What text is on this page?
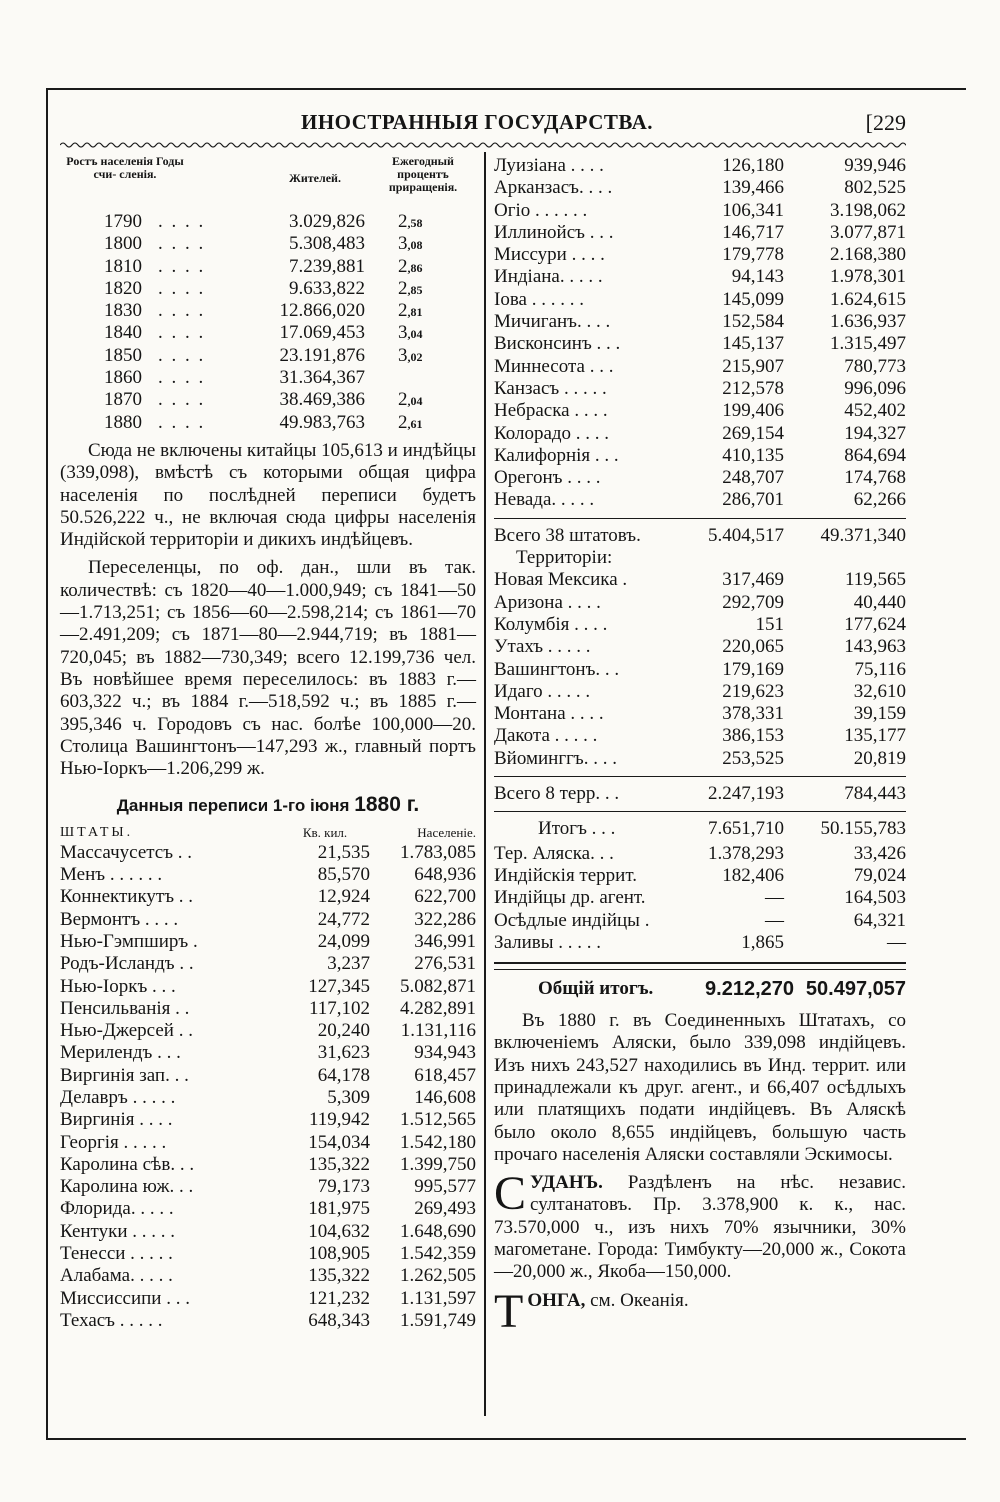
ИНОСТРАННЫЯ ГОСУДАРСТВА.	[229
Ростъ населенія Годы счи- сленія.	Жителей.
Ежегодный процентъ приращенія.
1790 . . . .	3.029,826 2,58
1800 . . . .	5.308,483 3,08
1810 . . . .	7.239,881 2,86
1820 . . . .	9.633,822 2,85
1830 . . . .	12.866,020 2,81
1840 . . . .	17.069,453 3,04
1850 . . . .	23.191,876 3,02
1860 . . . .	31.364,367
1870 . . . .	38.469,386 2,04
1880 . . . .	49.983,763 2,61

Сюда не включены китайцы 105,613 и индѣйцы (339,098), вмѣстѣ съ которыми общая цифра населенія по послѣдней переписи будетъ 50.526,222 ч., не включая сюда цифры населенія Индійской территоріи и дикихъ индѣйцевъ.

Переселенцы, по оф. дан., шли въ так. количествѣ: съ 1820—40—1.000,949; съ 1841—50—1.713,251; съ 1856—60—2.598,214; съ 1861—70—2.491,209; съ 1871—80—2.944,719; въ 1881—720,045; въ 1882—730,349; всего 12.199,736 чел. Въ новѣйшее время переселилось: въ 1883 г.—603,322 ч.; въ 1884 г.—518,592 ч.; въ 1885 г.—395,346 ч. Городовъ съ нас. болѣе 100,000—20. Столица Вашингтонъ—147,293 ж., главный портъ Нью-Іоркъ—1.206,299 ж.

Данныя переписи 1-го іюня 1880 г.
ШТАТЫ.	Кв. кил.	Населеніе.
Массачусетсъ . .	21,535	1.783,085
Менъ . . . . . .	85,570	648,936
Коннектикутъ . .	12,924	622,700
Вермонтъ . . . .	24,772	322,286
Нью-Гэмпширъ .	24,099	346,991
Родъ-Исландъ . .	3,237	276,531
Нью-Іоркъ . . .	127,345	5.082,871
Пенсильванія . .	117,102	4.282,891
Нью-Джерсей . .	20,240	1.131,116
Мерилендъ . . .	31,623	934,943
Виргинія зап. . .	64,178	618,457
Делавръ . . . . .	5,309	146,608
Виргинія . . . .	119,942	1.512,565
Георгія . . . . .	154,034	1.542,180
Каролина сѣв. . .	135,322	1.399,750
Каролина юж. . .	79,173	995,577
Флорида. . . . .	181,975	269,493
Кентуки . . . . .	104,632	1.648,690
Тенесси . . . . .	108,905	1.542,359
Алабама. . . . .	135,322	1.262,505
Миссиссипи . . .	121,232	1.131,597
Техасъ . . . . .	648,343	1.591,749
Луизіана . . . .	126,180	939,946
Арканзасъ. . . .	139,466	802,525
Огіо . . . . . .	106,341	3.198,062
Иллинойсъ . . .	146,717	3.077,871
Миссури . . . .	179,778	2.168,380
Индіана. . . . .	94,143	1.978,301
Іова . . . . . .	145,099	1.624,615
Мичиганъ. . . .	152,584	1.636,937
Висконсинъ . . .	145,137	1.315,497
Миннесота . . .	215,907	780,773
Канзасъ . . . . .	212,578	996,096
Небраска . . . .	199,406	452,402
Колорадо . . . .	269,154	194,327
Калифорнія . . .	410,135	864,694
Орегонъ . . . .	248,707	174,768
Невада. . . . .	286,701	62,266
Всего 38 штатовъ.	5.404,517	49.371,340
Территоріи:
Новая Мексика .	317,469	119,565
Аризона . . . .	292,709	40,440
Колумбія . . . .	151	177,624
Утахъ . . . . .	220,065	143,963
Вашингтонъ. . .	179,169	75,116
Идаго . . . . .	219,623	32,610
Монтана . . . .	378,331	39,159
Дакота . . . . .	386,153	135,177
Вйоминггъ. . . .	253,525	20,819
Всего 8 терр. . .	2.247,193	784,443
Итогъ . . .	7.651,710	50.155,783
Тер. Аляска. . .	1.378,293	33,426
Индійскія террит.	182,406	79,024
Индійцы др. агент.	—	164,503
Осѣдлые индійцы .	—	64,321
Заливы . . . . .	1,865	—
Общій итогъ.	9.212,270 50.497,057

Въ 1880 г. въ Соединенныхъ Штатахъ, со включеніемъ Аляски, было 339,098 индійцевъ. Изъ нихъ 243,527 находились въ Инд. террит. или принадлежали къ друг. агент., и 66,407 осѣдлыхъ или платящихъ подати индійцевъ. Въ Аляскѣ было около 8,655 индійцевъ, большую часть прочаго населенія Аляски составляли Эскимосы.

СУДАНЪ. Раздѣленъ на нѣс. независ. султанатовъ. Пр. 3.378,900 к. к., нас. 73.570,000 ч., изъ нихъ 70% язычники, 30% магометане. Города: Тимбукту—20,000 ж., Сокота—20,000 ж., Якоба—150,000.
ТОНГА, см. Океанія.
